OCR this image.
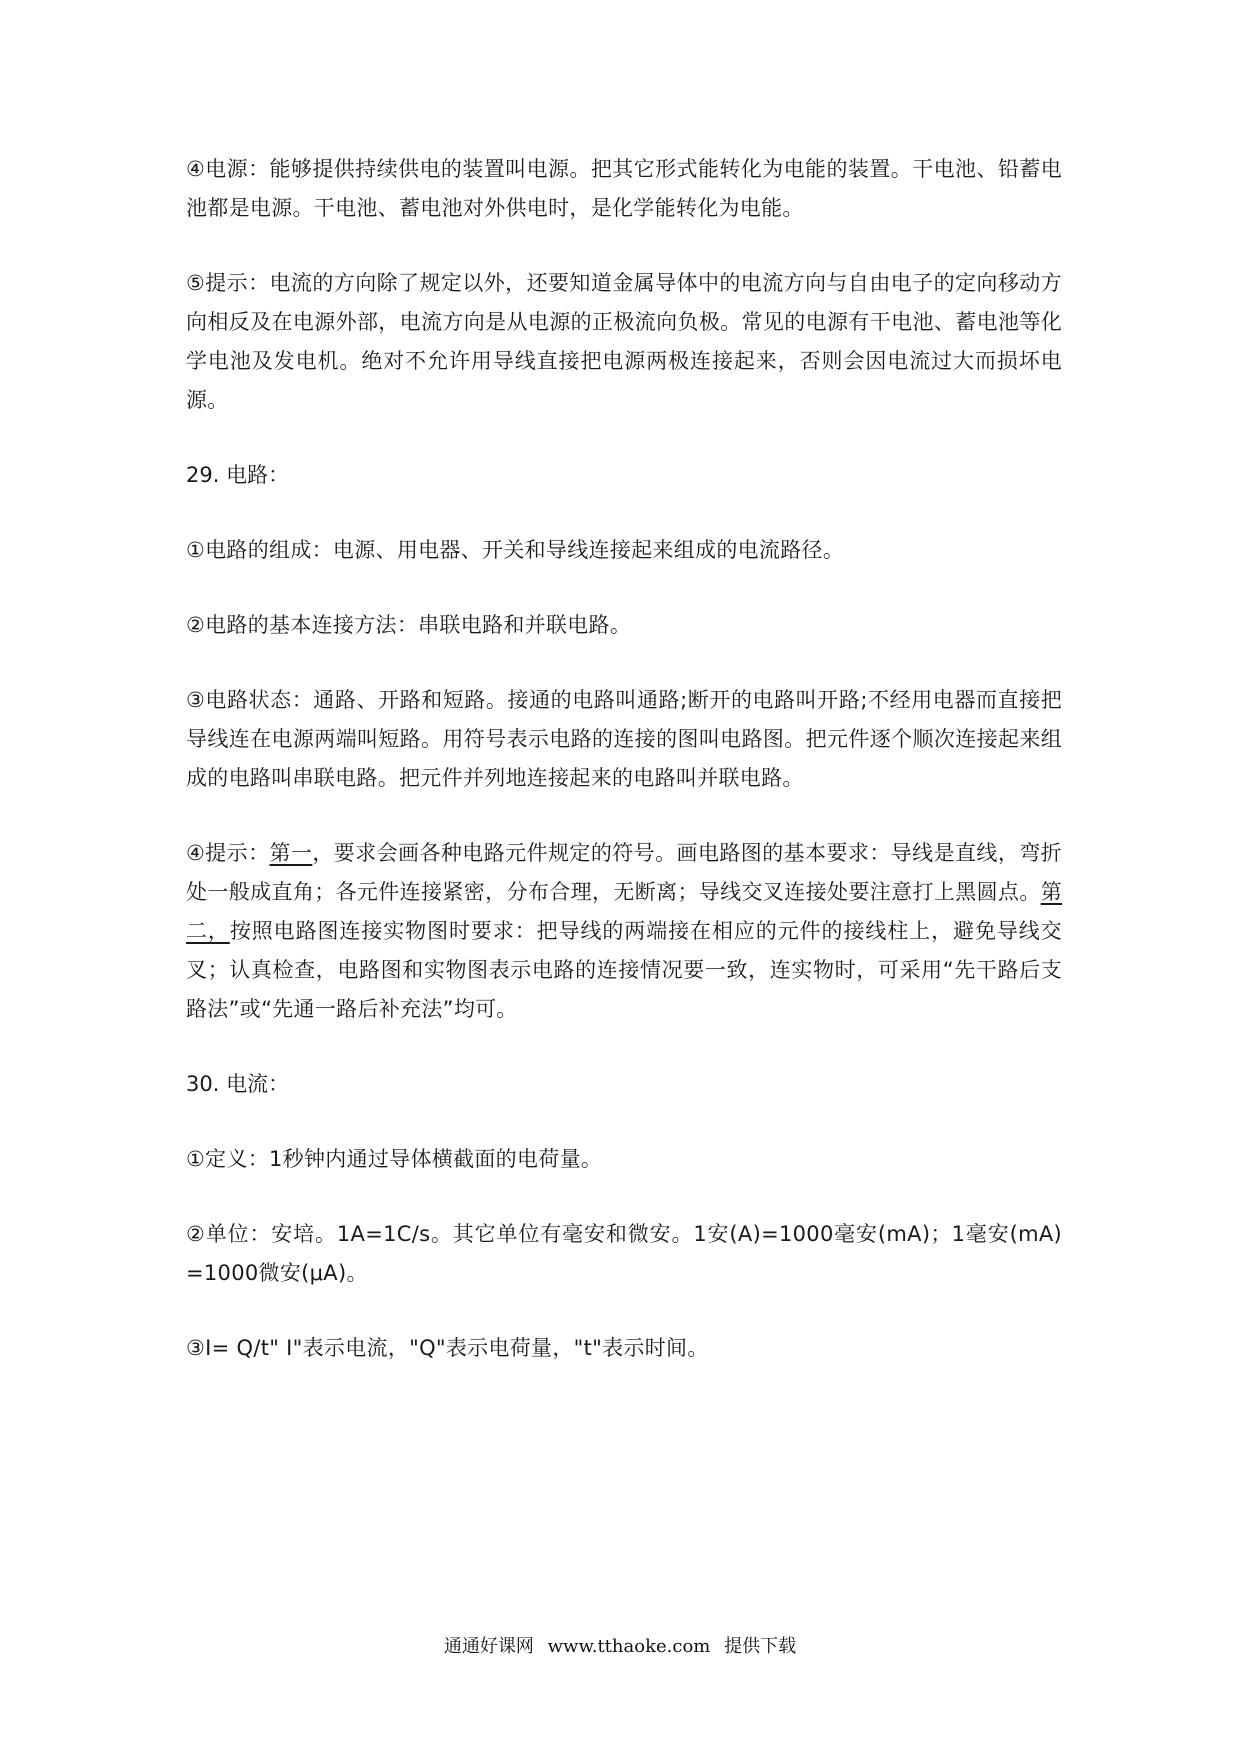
④电源：能够提供持续供电的装置叫电源。把其它形式能转化为电能的装置。干电池、铅蓄电池都是电源。干电池、蓄电池对外供电时，是化学能转化为电能。

⑤提示：电流的方向除了规定以外，还要知道金属导体中的电流方向与自由电子的定向移动方向相反及在电源外部，电流方向是从电源的正极流向负极。常见的电源有干电池、蓄电池等化学电池及发电机。绝对不允许用导线直接把电源两极连接起来，否则会因电流过大而损坏电源。

29. 电路：

①电路的组成：电源、用电器、开关和导线连接起来组成的电流路径。

②电路的基本连接方法：串联电路和并联电路。

③电路状态：通路、开路和短路。接通的电路叫通路;断开的电路叫开路;不经用电器而直接把导线连在电源两端叫短路。用符号表示电路的连接的图叫电路图。把元件逐个顺次连接起来组成的电路叫串联电路。把元件并列地连接起来的电路叫并联电路。

④提示：第一，要求会画各种电路元件规定的符号。画电路图的基本要求：导线是直线，弯折处一般成直角；各元件连接紧密，分布合理，无断离；导线交叉连接处要注意打上黑圆点。第二，按照电路图连接实物图时要求：把导线的两端接在相应的元件的接线柱上，避免导线交叉；认真检查，电路图和实物图表示电路的连接情况要一致，连实物时，可采用“先干路后支路法”或“先通一路后补充法”均可。

30. 电流：

①定义：1秒钟内通过导体横截面的电荷量。

②单位：安培。1A=1C/s。其它单位有毫安和微安。1安(A)=1000毫安(mA)；1毫安(mA)=1000微安(μA)。

③I= Q/t" I"表示电流，"Q"表示电荷量，"t"表示时间。

通通好课网 www.tthaoke.com 提供下载
